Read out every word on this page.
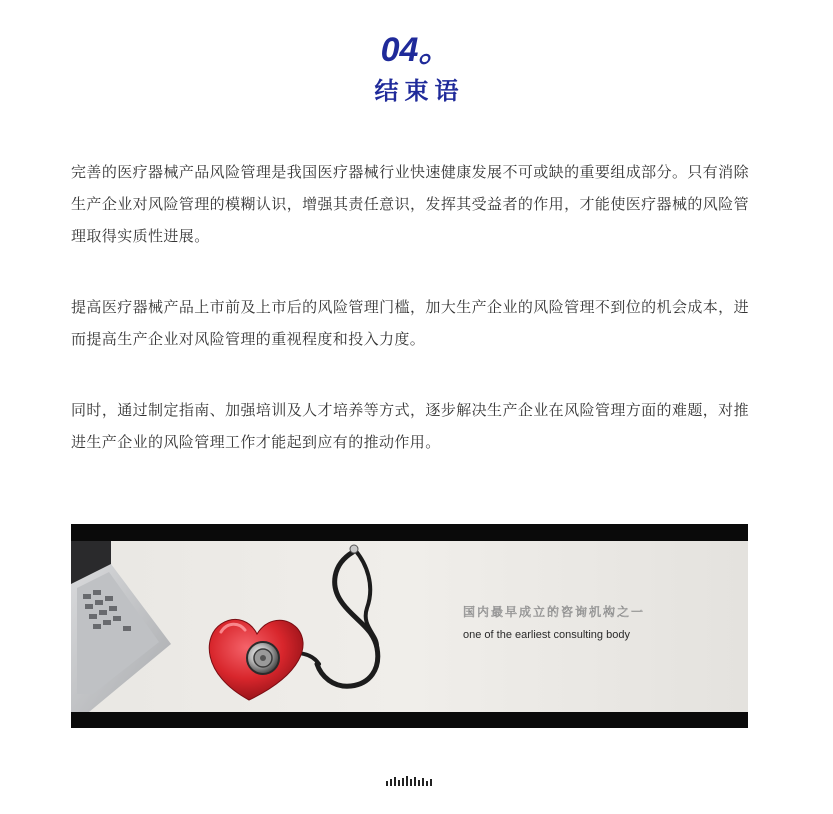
04。
结束语

完善的医疗器械产品风险管理是我国医疗器械行业快速健康发展不可或缺的重要组成部分。只有消除生产企业对风险管理的模糊认识，增强其责任意识，发挥其受益者的作用，才能使医疗器械的风险管理取得实质性进展。

提高医疗器械产品上市前及上市后的风险管理门槛，加大生产企业的风险管理不到位的机会成本，进而提高生产企业对风险管理的重视程度和投入力度。

同时，通过制定指南、加强培训及人才培养等方式，逐步解决生产企业在风险管理方面的难题，对推进生产企业的风险管理工作才能起到应有的推动作用。

国内最早成立的咨询机构之一
one of the earliest consulting body
